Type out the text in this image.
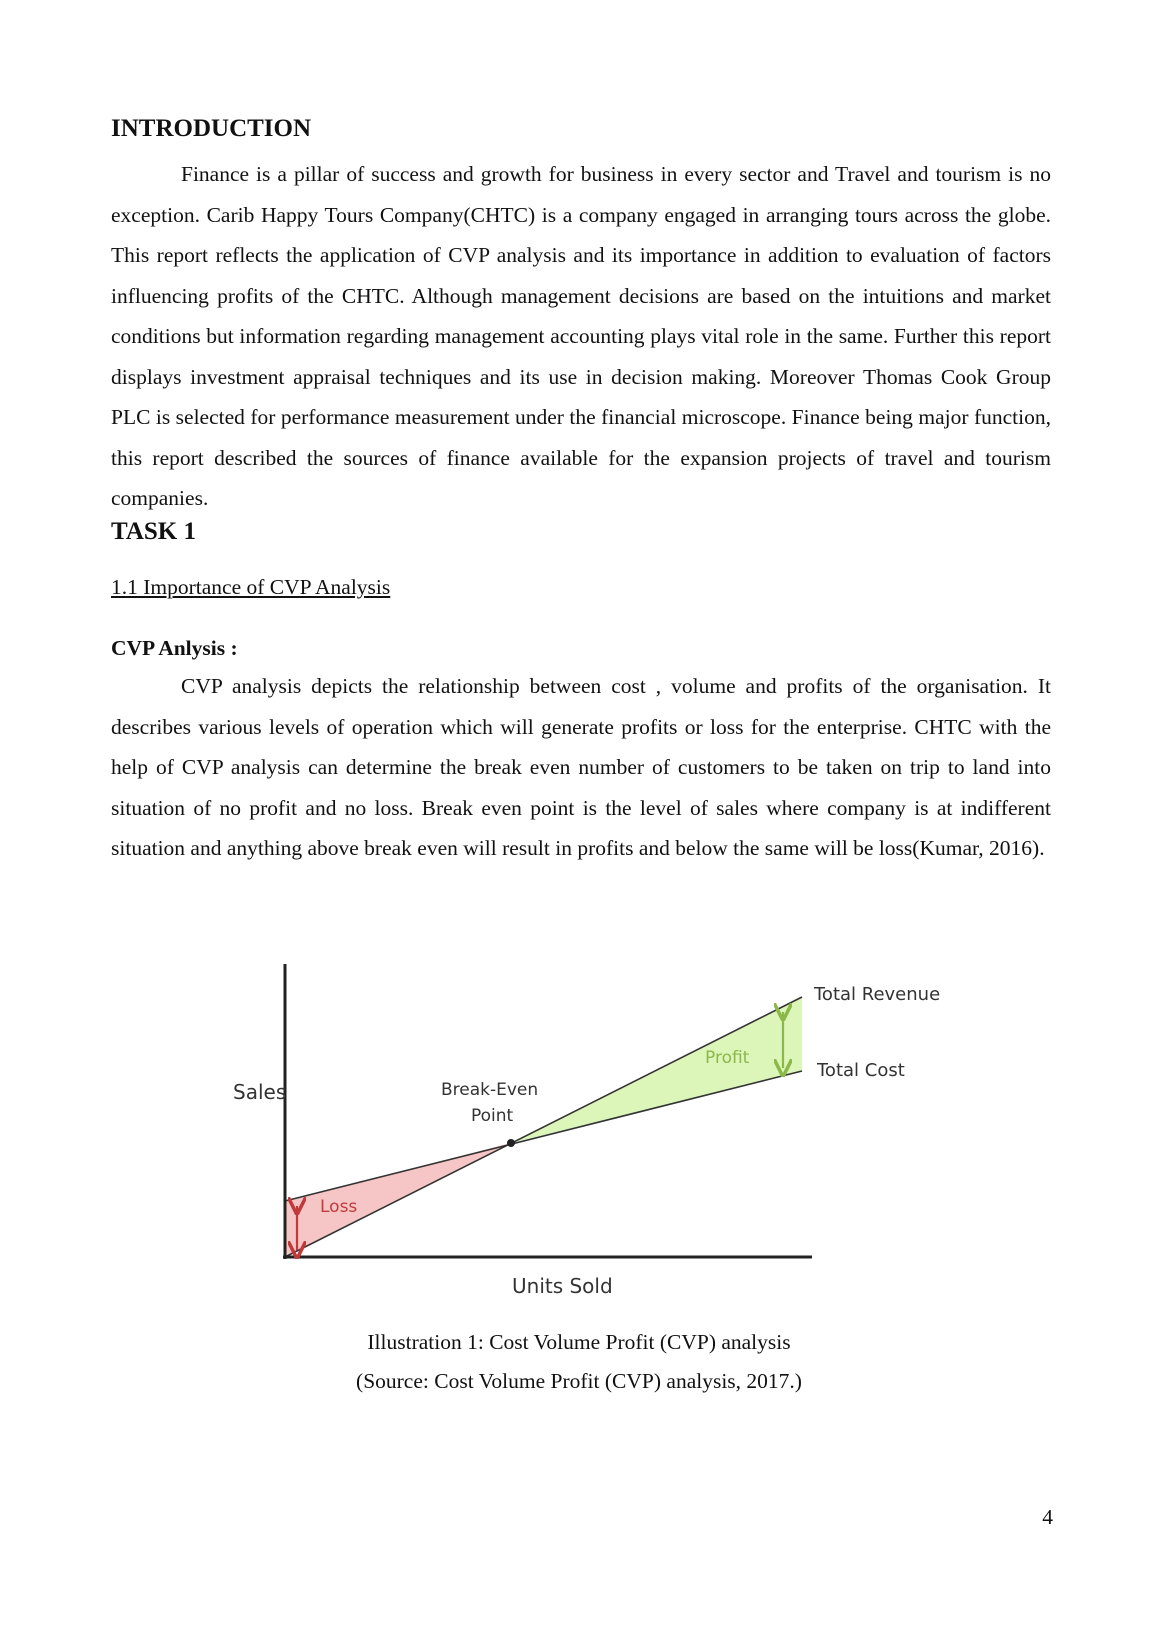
INTRODUCTION

Finance is a pillar of success and growth for business in every sector and Travel and tourism is no exception. Carib Happy Tours Company(CHTC) is a company engaged in arranging tours across the globe. This report reflects the application of CVP analysis and its importance in addition to evaluation of factors influencing profits of the CHTC. Although management decisions are based on the intuitions and market conditions but information regarding management accounting plays vital role in the same. Further this report displays investment appraisal techniques and its use in decision making. Moreover Thomas Cook Group PLC is selected for performance measurement under the financial microscope. Finance being major function, this report described the sources of finance available for the expansion projects of travel and tourism companies.

TASK 1

1.1 Importance of CVP Analysis

CVP Anlysis :

CVP analysis depicts the relationship between cost , volume and profits of the organisation. It describes various levels of operation which will generate profits or loss for the enterprise. CHTC with the help of CVP analysis can determine the break even number of customers to be taken on trip to land into situation of no profit and no loss. Break even point is the level of sales where company is at indifferent situation and anything above break even will result in profits and below the same will be loss(Kumar, 2016).

Sales
Units Sold
Total Revenue
Total Cost
Break-Even
Point
Profit
Loss

Illustration 1: Cost Volume Profit (CVP) analysis

(Source: Cost Volume Profit (CVP) analysis, 2017.)

4
